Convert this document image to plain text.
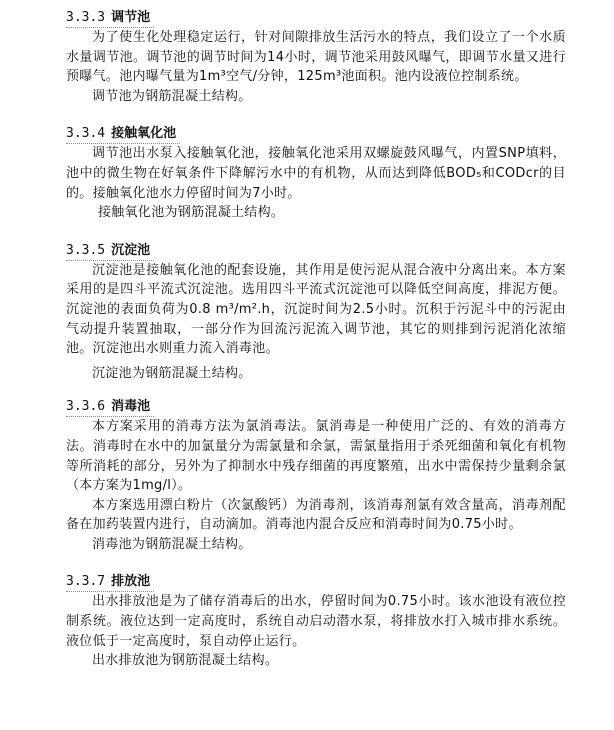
3.3.3 调节池

为了使生化处理稳定运行，针对间隙排放生活污水的特点，我们设立了一个水质水量调节池。调节池的调节时间为14小时，调节池采用鼓风曝气，即调节水量又进行预曝气。池内曝气量为1m³空气/分钟，125m³池面积。池内设液位控制系统。

调节池为钢筋混凝土结构。

3.3.4 接触氧化池

调节池出水泵入接触氧化池，接触氧化池采用双螺旋鼓风曝气，内置SNP填料，池中的微生物在好氧条件下降解污水中的有机物，从而达到降低BOD₅和CODcr的目的。接触氧化池水力停留时间为7小时。

接触氧化池为钢筋混凝土结构。

3.3.5 沉淀池

沉淀池是接触氧化池的配套设施，其作用是使污泥从混合液中分离出来。本方案采用的是四斗平流式沉淀池。选用四斗平流式沉淀池可以降低空间高度，排泥方便。沉淀池的表面负荷为0.8 m³/m².h，沉淀时间为2.5小时。沉积于污泥斗中的污泥由气动提升装置抽取，一部分作为回流污泥流入调节池，其它的则排到污泥消化浓缩池。沉淀池出水则重力流入消毒池。

沉淀池为钢筋混凝土结构。

3.3.6 消毒池

本方案采用的消毒方法为氯消毒法。氯消毒是一种使用广泛的、有效的消毒方法。消毒时在水中的加氯量分为需氯量和余氯，需氯量指用于杀死细菌和氧化有机物等所消耗的部分，另外为了抑制水中残存细菌的再度繁殖，出水中需保持少量剩余氯（本方案为1mg/l）。

本方案选用漂白粉片（次氯酸钙）为消毒剂，该消毒剂氯有效含量高，消毒剂配备在加药装置内进行，自动滴加。消毒池内混合反应和消毒时间为0.75小时。

消毒池为钢筋混凝土结构。

3.3.7 排放池

出水排放池是为了储存消毒后的出水，停留时间为0.75小时。该水池设有液位控制系统。液位达到一定高度时，系统自动启动潜水泵，将排放水打入城市排水系统。液位低于一定高度时，泵自动停止运行。

出水排放池为钢筋混凝土结构。
